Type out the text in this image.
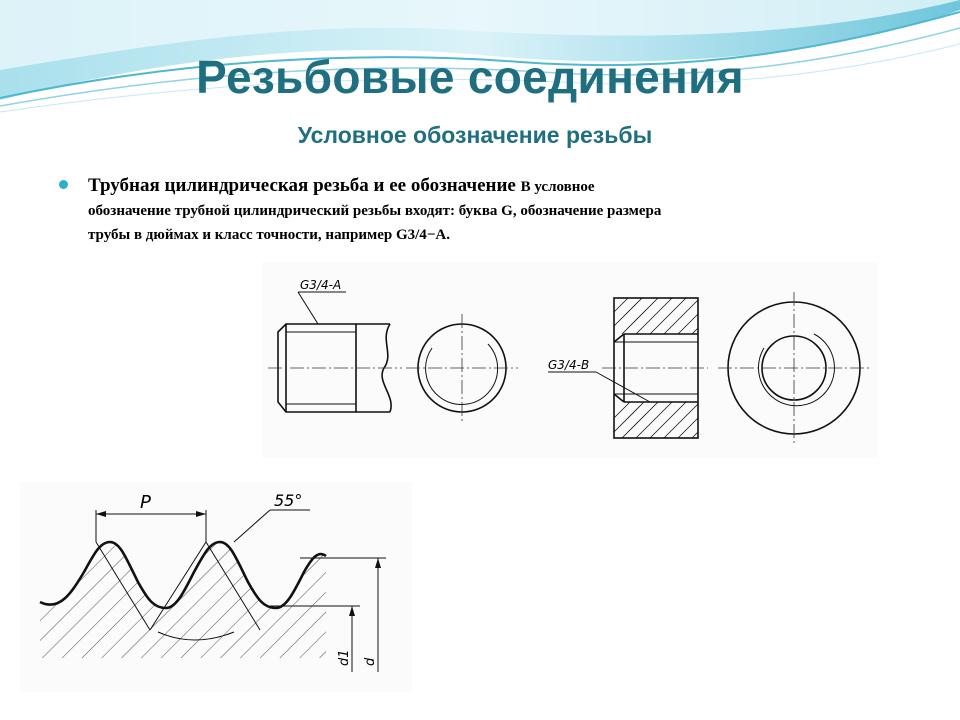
Резьбовые соединения
Условное обозначение резьбы

Трубная цилиндрическая резьба и ее обозначение В условное

обозначение трубной цилиндрический резьбы входят: буква G, обозначение размера

трубы в дюймах и класс точности, например G3/4−А.

G3/4-A
G3/4-B
P	55°
d1 d
